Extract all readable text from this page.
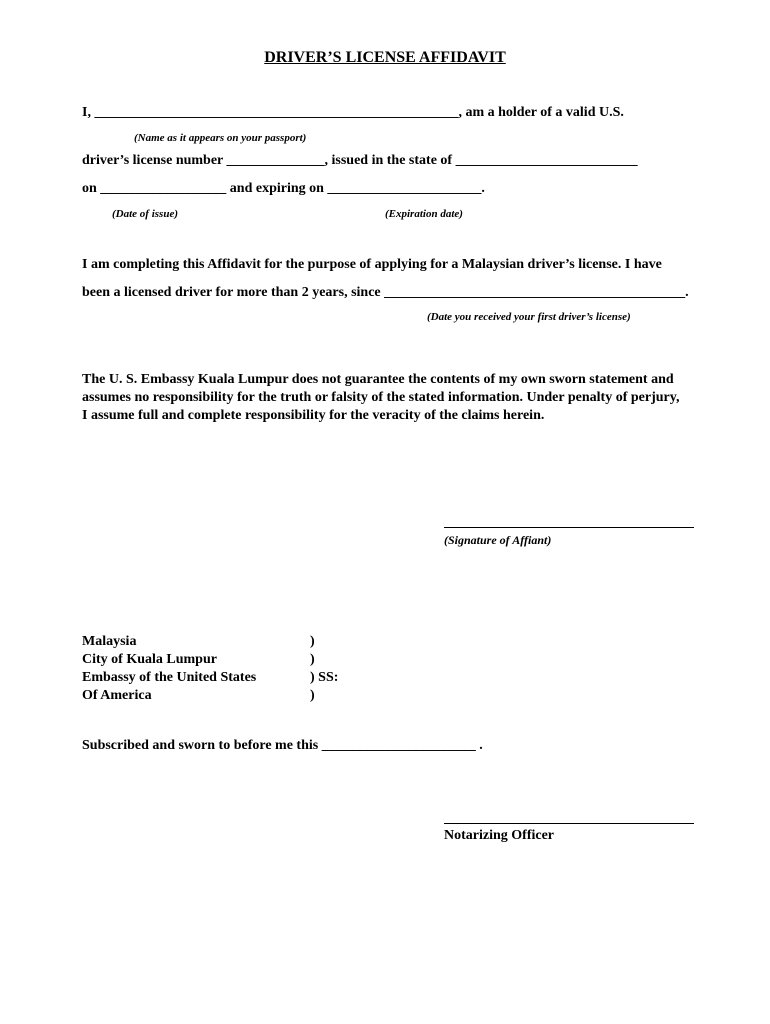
DRIVER’S LICENSE AFFIDAVIT
I, ____________________________________________________, am a holder of a valid U.S.
(Name as it appears on your passport)
driver’s license number ______________, issued in the state of __________________________
on __________________ and expiring on ______________________.
(Date of issue)	(Expiration date)
I am completing this Affidavit for the purpose of applying for a Malaysian driver’s license. I have
been a licensed driver for more than 2 years, since ___________________________________________.
(Date you received your first driver’s license)
The U. S. Embassy Kuala Lumpur does not guarantee the contents of my own sworn statement and assumes no responsibility for the truth or falsity of the stated information. Under penalty of perjury, I assume full and complete responsibility for the veracity of the claims herein.
(Signature of Affiant)
Malaysia	)
City of Kuala Lumpur	)
Embassy of the United States	) SS:
Of America	)
Subscribed and sworn to before me this ______________________ .
Notarizing Officer
